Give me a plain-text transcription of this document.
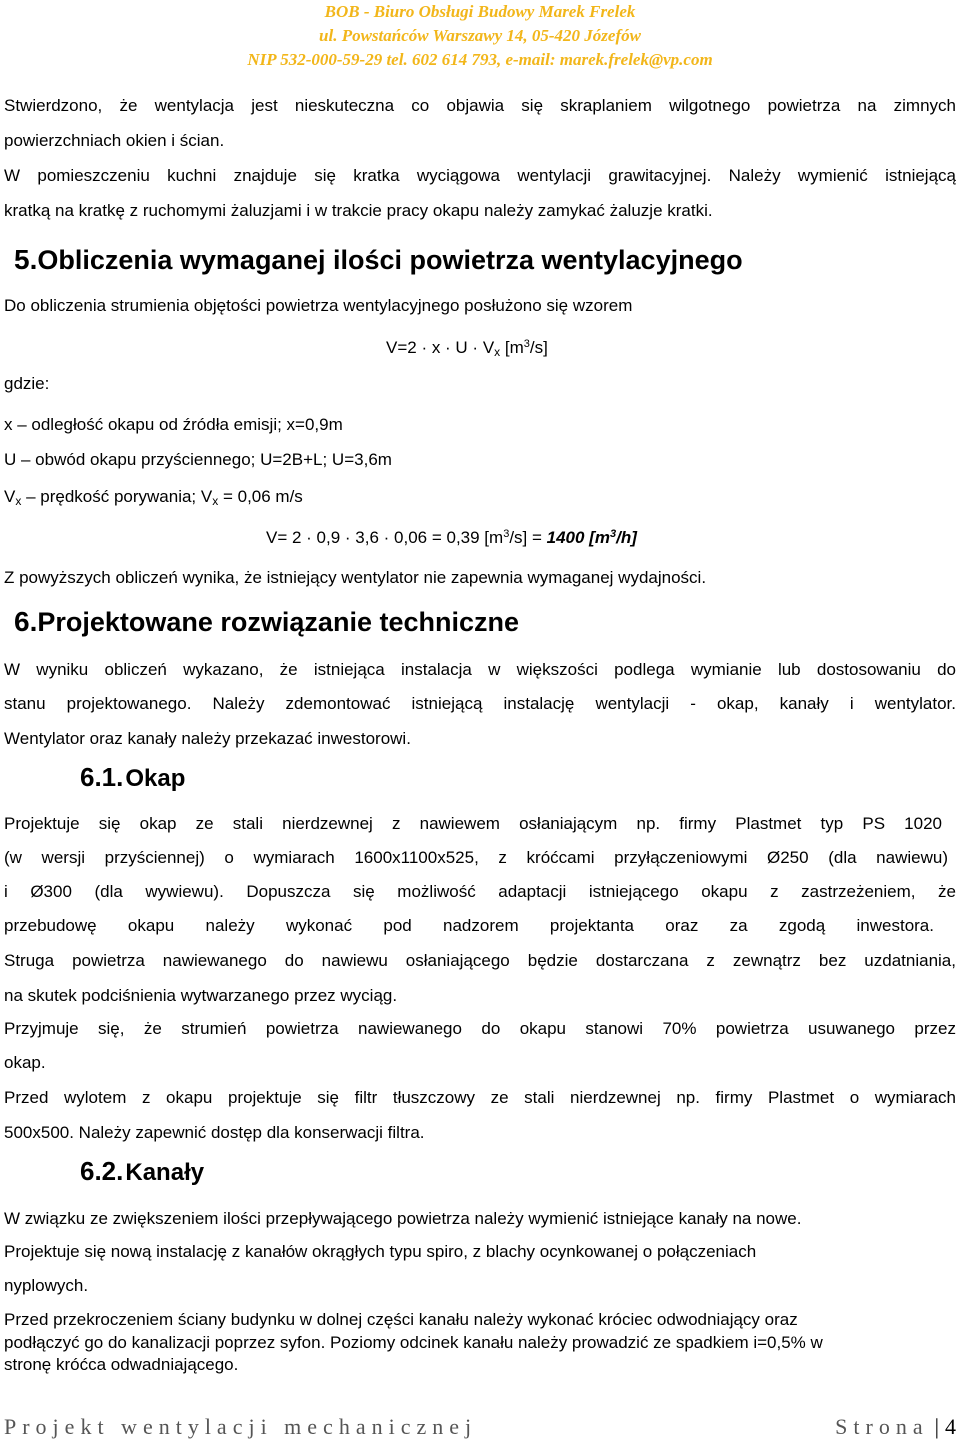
BOB - Biuro Obsługi Budowy Marek Frelek
ul. Powstańców Warszawy 14, 05-420 Józefów
NIP 532-000-59-29 tel. 602 614 793, e-mail: marek.frelek@vp.com

Stwierdzono, że wentylacja jest nieskuteczna co objawia się skraplaniem wilgotnego powietrza na zimnych

powierzchniach okien i ścian.

W pomieszczeniu kuchni znajduje się kratka wyciągowa wentylacji grawitacyjnej. Należy wymienić istniejącą

kratką na kratkę z ruchomymi żaluzjami i w trakcie pracy okapu należy zamykać żaluzje kratki.

5.Obliczenia wymaganej ilości powietrza wentylacyjnego

Do obliczenia strumienia objętości powietrza wentylacyjnego posłużono się wzorem

$V=2 \cdot x \cdot U \cdot V_x$ $[m^3/s]$

gdzie:

x – odległość okapu od źródła emisji; x=0,9m

U – obwód okapu przyściennego; U=2B+L; U=3,6m

$V_x$ – prędkość porywania; $V_x = 0,06$ m/s

V= 2 · 0,9 · 3,6 · 0,06 = 0,39 $[m^3/s] = 1400$ $[m^3/h]$

Z powyższych obliczeń wynika, że istniejący wentylator nie zapewnia wymaganej wydajności.

6.Projektowane rozwiązanie techniczne

W wyniku obliczeń wykazano, że istniejąca instalacja w większości podlega wymianie lub dostosowaniu do

stanu projektowanego. Należy zdemontować istniejącą instalację wentylacji - okap, kanały i wentylator.

Wentylator oraz kanały należy przekazać inwestorowi.

6.1.Okap

Projektuje się okap ze stali nierdzewnej z nawiewem osłaniającym np. firmy Plastmet typ PS 1020

(w wersji przyściennej) o wymiarach 1600x1100x525, z króćcami przyłączeniowymi Ø250 (dla nawiewu)

i Ø300 (dla wywiewu). Dopuszcza się możliwość adaptacji istniejącego okapu z zastrzeżeniem, że

przebudowę okapu należy wykonać pod nadzorem projektanta oraz za zgodą inwestora.

Struga powietrza nawiewanego do nawiewu osłaniającego będzie dostarczana z zewnątrz bez uzdatniania,

na skutek podciśnienia wytwarzanego przez wyciąg.

Przyjmuje się, że strumień powietrza nawiewanego do okapu stanowi 70% powietrza usuwanego przez

okap.

Przed wylotem z okapu projektuje się filtr tłuszczowy ze stali nierdzewnej np. firmy Plastmet o wymiarach

500x500. Należy zapewnić dostęp dla konserwacji filtra.

6.2.Kanały

W związku ze zwiększeniem ilości przepływającego powietrza należy wymienić istniejące kanały na nowe.

Projektuje się nową instalację z kanałów okrągłych typu spiro, z blachy ocynkowanej o połączeniach

nyplowych.

Przed przekroczeniem ściany budynku w dolnej części kanału należy wykonać króciec odwodniający oraz

podłączyć go do kanalizacji poprzez syfon. Poziomy odcinek kanału należy prowadzić ze spadkiem i=0,5% w

stronę króćca odwadniającego.

Projekt wentylacji mechanicznej	Strona | 4
